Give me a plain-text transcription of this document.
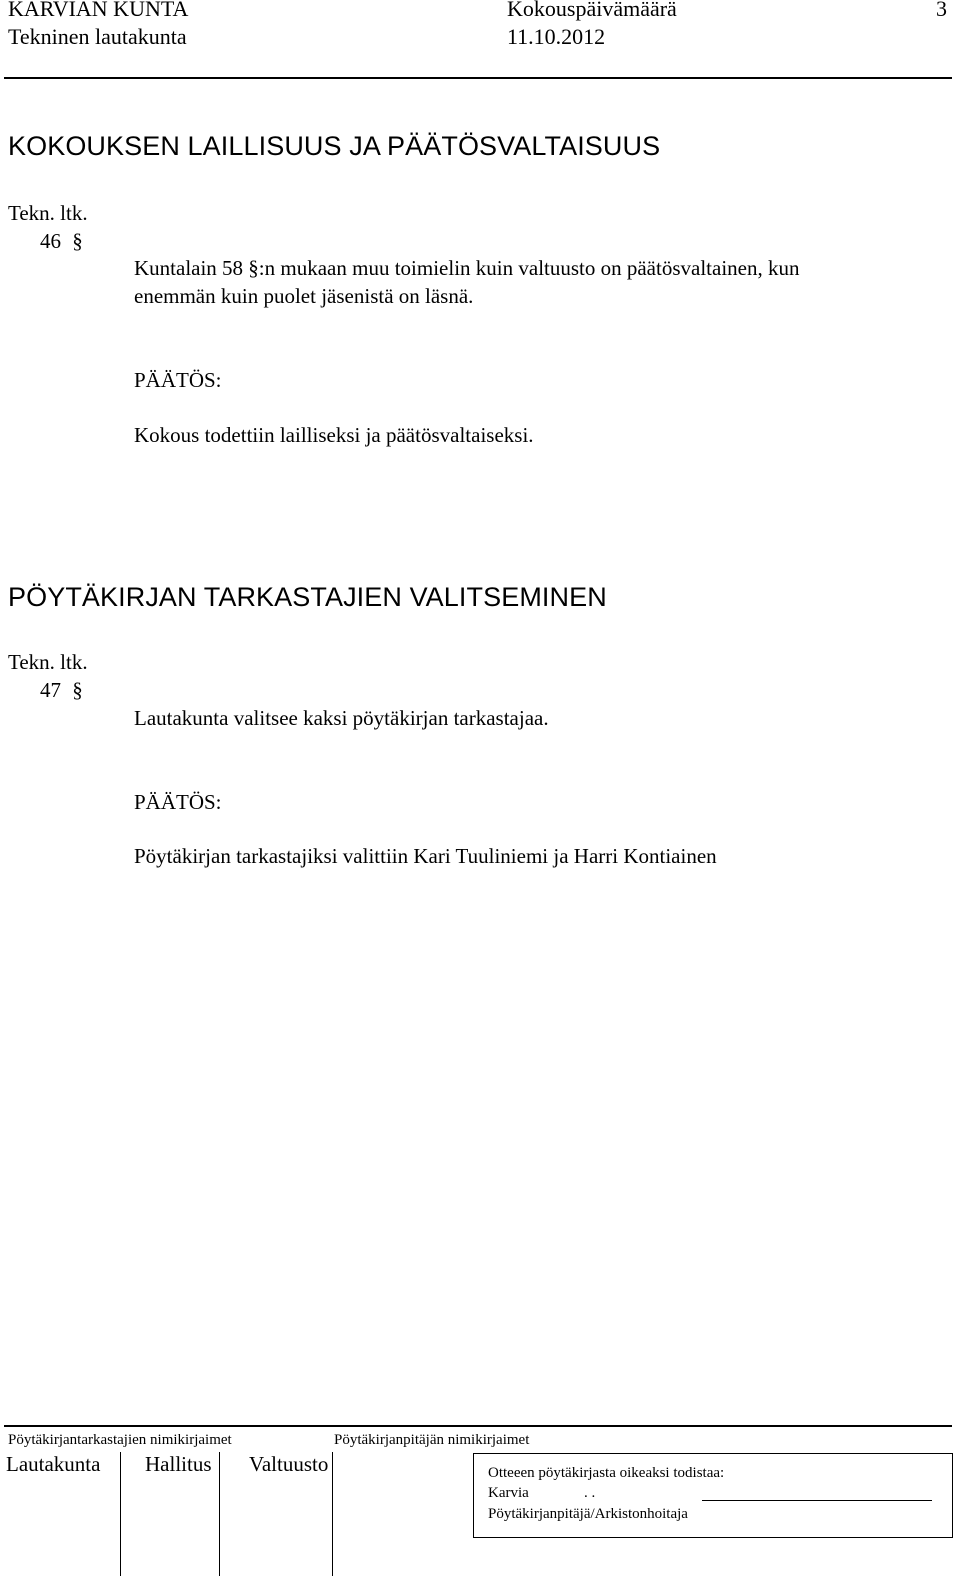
KARVIAN KUNTA
Tekninen lautakunta
Kokouspäivämäärä
11.10.2012
3
KOKOUKSEN LAILLISUUS JA PÄÄTÖSVALTAISUUS
Tekn. ltk.
46 §
Kuntalain 58 §:n mukaan muu toimielin kuin valtuusto on päätösvaltainen, kun
enemmän kuin puolet jäsenistä on läsnä.
PÄÄTÖS:
Kokous todettiin lailliseksi ja päätösvaltaiseksi.
PÖYTÄKIRJAN TARKASTAJIEN VALITSEMINEN
Tekn. ltk.
47 §
Lautakunta valitsee kaksi pöytäkirjan tarkastajaa.
PÄÄTÖS:
Pöytäkirjan tarkastajiksi valittiin Kari Tuuliniemi ja Harri Kontiainen
Pöytäkirjantarkastajien nimikirjaimet	Pöytäkirjanpitäjän nimikirjaimet
Lautakunta Hallitus Valtuusto	Otteeen pöytäkirjasta oikeaksi todistaa:
Karvia	. .
Pöytäkirjanpitäjä/Arkistonhoitaja
